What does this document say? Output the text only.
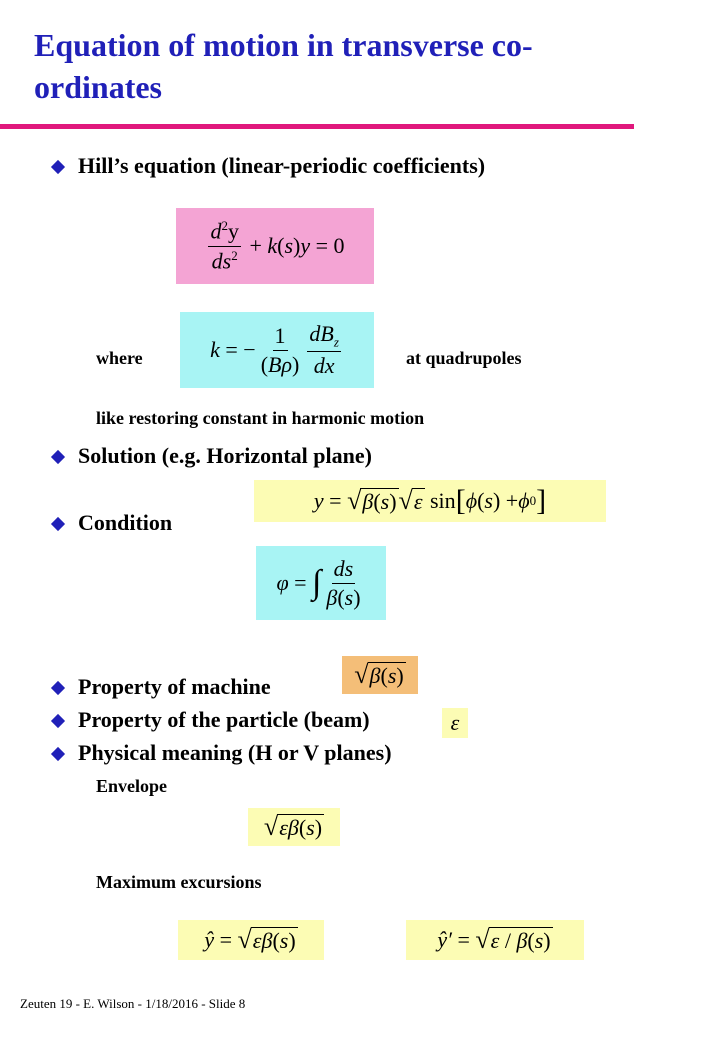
Equation of motion in transverse co-ordinates
Hill’s equation (linear-periodic coefficients)
$\frac{d^2y}{ds^2} + k(s)y = 0$
where	k = − $\frac{1}{(B\rho)} \frac{dB_z}{dx}$	at quadrupoles
like restoring constant in harmonic motion
Solution (e.g. Horizontal plane)
y = √ β(s) √ ε sin [ ϕ ( s ) + ϕ 0 ]
Condition
φ = ∫ $\frac{ds}{\beta(s)}$
Property of machine	√ β(s)
Property of the particle (beam)	ε
Physical meaning (H or V planes)
Envelope
√ εβ(s)
Maximum excursions
ŷ = √ εβ(s)	ŷ′ = √ ε / β(s)
Zeuten 19 - E. Wilson - 1/18/2016 - Slide 8
